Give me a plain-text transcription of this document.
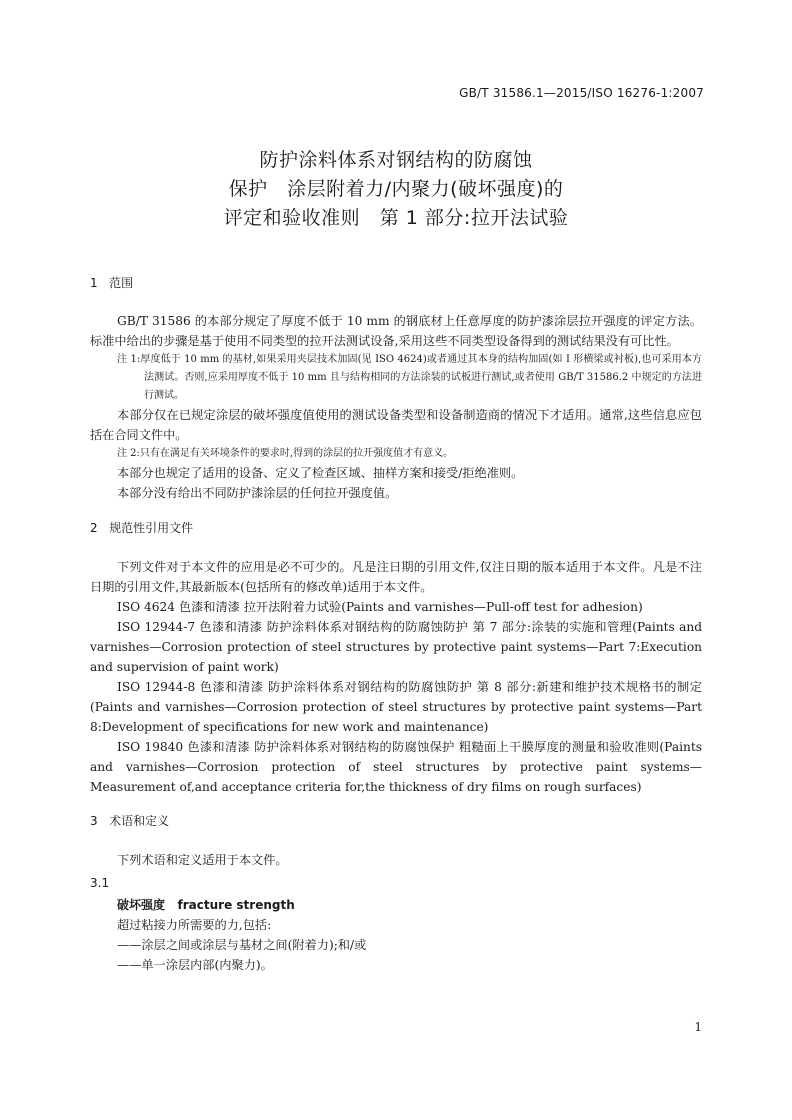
GB/T 31586.1—2015/ISO 16276-1:2007
防护涂料体系对钢结构的防腐蚀
保护   涂层附着力/内聚力(破坏强度)的
评定和验收准则   第 1 部分:拉开法试验
1   范围

GB/T 31586 的本部分规定了厚度不低于 10 mm 的钢底材上任意厚度的防护漆涂层拉开强度的评定方法。标准中给出的步骤是基于使用不同类型的拉开法测试设备,采用这些不同类型设备得到的测试结果没有可比性。

注 1:厚度低于 10 mm 的基材,如果采用夹层技术加固(见 ISO 4624)或者通过其本身的结构加固(如 I 形横梁或衬板),也可采用本方法测试。否则,应采用厚度不低于 10 mm 且与结构相同的方法涂装的试板进行测试,或者使用 GB/T 31586.2 中规定的方法进行测试。

本部分仅在已规定涂层的破坏强度值使用的测试设备类型和设备制造商的情况下才适用。通常,这些信息应包括在合同文件中。

注 2:只有在满足有关环境条件的要求时,得到的涂层的拉开强度值才有意义。

本部分也规定了适用的设备、定义了检查区域、抽样方案和接受/拒绝准则。

本部分没有给出不同防护漆涂层的任何拉开强度值。

2   规范性引用文件

下列文件对于本文件的应用是必不可少的。凡是注日期的引用文件,仅注日期的版本适用于本文件。凡是不注日期的引用文件,其最新版本(包括所有的修改单)适用于本文件。

ISO 4624 色漆和清漆 拉开法附着力试验(Paints and varnishes—Pull-off test for adhesion)

ISO 12944-7 色漆和清漆 防护涂料体系对钢结构的防腐蚀防护 第 7 部分:涂装的实施和管理(Paints and varnishes—Corrosion protection of steel structures by protective paint systems—Part 7:Execution and supervision of paint work)

ISO 12944-8 色漆和清漆 防护涂料体系对钢结构的防腐蚀防护 第 8 部分:新建和维护技术规格书的制定(Paints and varnishes—Corrosion protection of steel structures by protective paint systems—Part 8:Development of specifications for new work and maintenance)

ISO 19840 色漆和清漆 防护涂料体系对钢结构的防腐蚀保护 粗糙面上干膜厚度的测量和验收准则(Paints and varnishes—Corrosion protection of steel structures by protective paint systems—Measurement of,and acceptance criteria for,the thickness of dry films on rough surfaces)

3   术语和定义

下列术语和定义适用于本文件。

3.1
破坏强度   fracture strength

超过粘接力所需要的力,包括:

——涂层之间或涂层与基材之间(附着力);和/或

——单一涂层内部(内聚力)。

1
